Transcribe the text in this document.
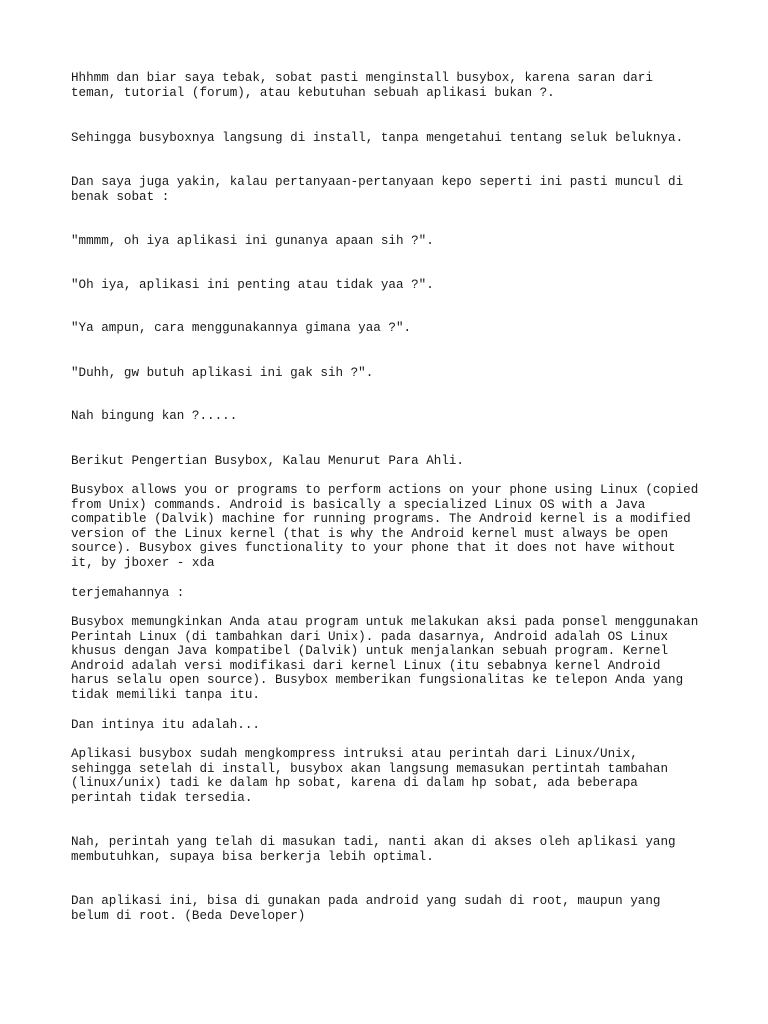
Hhhmm dan biar saya tebak, sobat pasti menginstall busybox, karena saran dari
teman, tutorial (forum), atau kebutuhan sebuah aplikasi bukan ?.

Sehingga busyboxnya langsung di install, tanpa mengetahui tentang seluk beluknya.

Dan saya juga yakin, kalau pertanyaan-pertanyaan kepo seperti ini pasti muncul di
benak sobat :

"mmmm, oh iya aplikasi ini gunanya apaan sih ?".

"Oh iya, aplikasi ini penting atau tidak yaa ?".

"Ya ampun, cara menggunakannya gimana yaa ?".

"Duhh, gw butuh aplikasi ini gak sih ?".

Nah bingung kan ?.....

Berikut Pengertian Busybox, Kalau Menurut Para Ahli.

Busybox allows you or programs to perform actions on your phone using Linux (copied
from Unix) commands. Android is basically a specialized Linux OS with a Java
compatible (Dalvik) machine for running programs. The Android kernel is a modified
version of the Linux kernel (that is why the Android kernel must always be open
source). Busybox gives functionality to your phone that it does not have without
it, by jboxer - xda

terjemahannya :

Busybox memungkinkan Anda atau program untuk melakukan aksi pada ponsel menggunakan
Perintah Linux (di tambahkan dari Unix). pada dasarnya, Android adalah OS Linux
khusus dengan Java kompatibel (Dalvik) untuk menjalankan sebuah program. Kernel
Android adalah versi modifikasi dari kernel Linux (itu sebabnya kernel Android
harus selalu open source). Busybox memberikan fungsionalitas ke telepon Anda yang
tidak memiliki tanpa itu.

Dan intinya itu adalah...

Aplikasi busybox sudah mengkompress intruksi atau perintah dari Linux/Unix,
sehingga setelah di install, busybox akan langsung memasukan pertintah tambahan
(linux/unix) tadi ke dalam hp sobat, karena di dalam hp sobat, ada beberapa
perintah tidak tersedia.

Nah, perintah yang telah di masukan tadi, nanti akan di akses oleh aplikasi yang
membutuhkan, supaya bisa berkerja lebih optimal.

Dan aplikasi ini, bisa di gunakan pada android yang sudah di root, maupun yang
belum di root. (Beda Developer)
